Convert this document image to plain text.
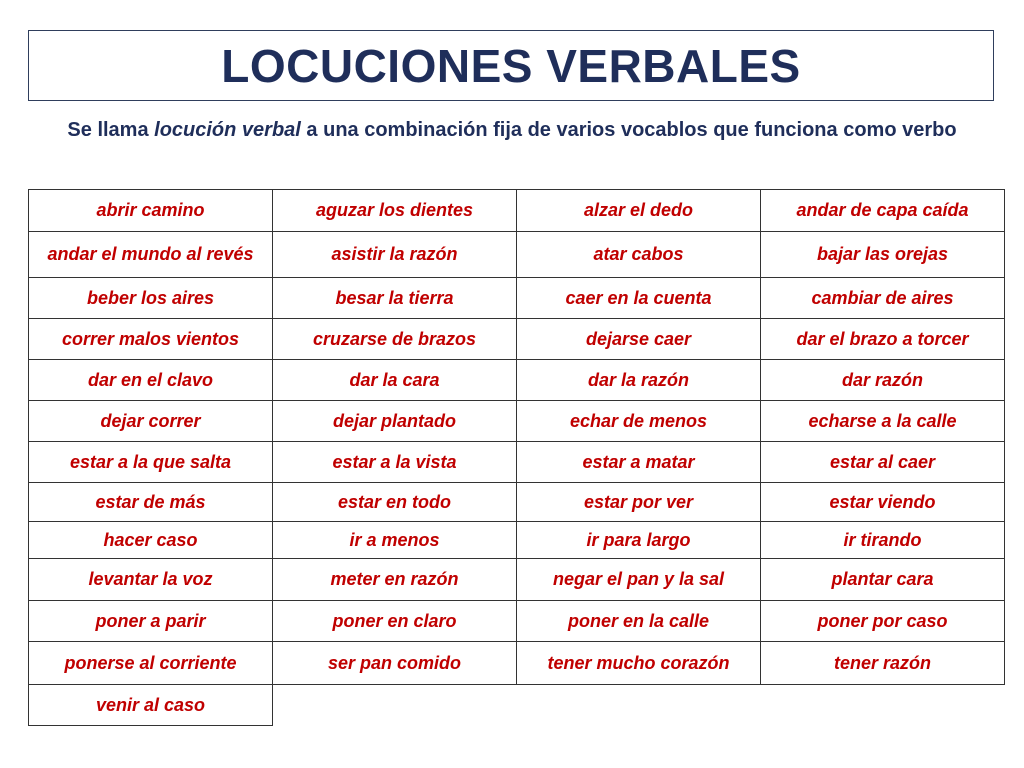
LOCUCIONES VERBALES
Se llama locución verbal a una combinación fija de varios vocablos que funciona como verbo
abrir camino	aguzar los dientes	alzar el dedo	andar de capa caída
andar el mundo al revés	asistir la razón	atar cabos	bajar las orejas
beber los aires	besar la tierra	caer en la cuenta	cambiar de aires
correr malos vientos	cruzarse de brazos	dejarse caer	dar el brazo a torcer
dar en el clavo	dar la cara	dar la razón	dar razón
dejar correr	dejar plantado	echar de menos	echarse a la calle
estar a la que salta	estar a la vista	estar a matar	estar al caer
estar de más	estar en todo	estar por ver	estar viendo
hacer caso	ir a menos	ir para largo	ir tirando
levantar la voz	meter en razón	negar el pan y la sal	plantar cara
poner a parir	poner en claro	poner en la calle	poner por caso
ponerse al corriente	ser pan comido	tener mucho corazón	tener razón
venir al caso			
